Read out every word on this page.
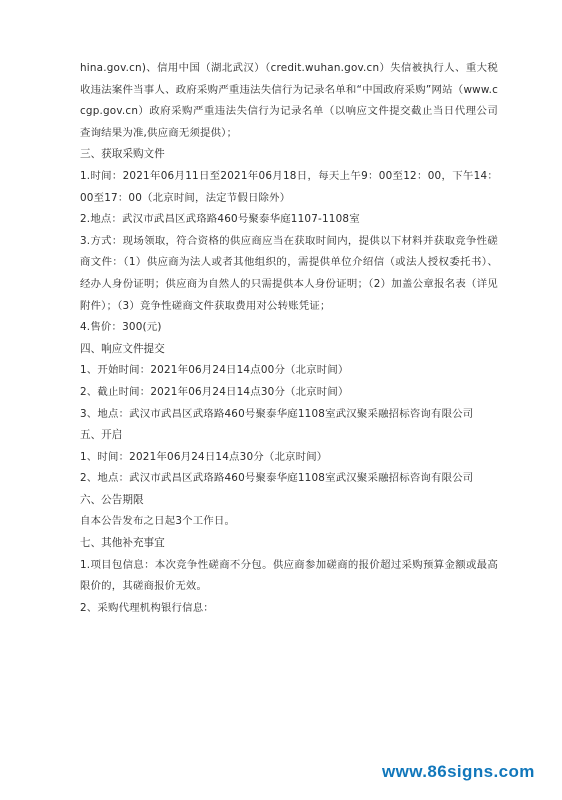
hina.gov.cn)、信用中国（湖北武汉）（credit.wuhan.gov.cn）失信被执行人、重大税收违法案件当事人、政府采购严重违法失信行为记录名单和“中国政府采购”网站（www.ccgp.gov.cn）政府采购严重违法失信行为记录名单（以响应文件提交截止当日代理公司查询结果为准,供应商无须提供）；

三、获取采购文件

1.时间：2021年06月11日至2021年06月18日，每天上午9：00至12：00，下午14：00至17：00（北京时间，法定节假日除外）

2.地点：武汉市武昌区武珞路460号聚泰华庭1107-1108室

3.方式：现场领取，符合资格的供应商应当在获取时间内，提供以下材料并获取竞争性磋商文件：（1）供应商为法人或者其他组织的，需提供单位介绍信（或法人授权委托书）、经办人身份证明；供应商为自然人的只需提供本人身份证明；（2）加盖公章报名表（详见附件）；（3）竞争性磋商文件获取费用对公转账凭证；

4.售价：300(元)

四、响应文件提交

1、开始时间：2021年06月24日14点00分（北京时间）

2、截止时间：2021年06月24日14点30分（北京时间）

3、地点：武汉市武昌区武珞路460号聚泰华庭1108室武汉聚采融招标咨询有限公司

五、开启

1、时间：2021年06月24日14点30分（北京时间）

2、地点：武汉市武昌区武珞路460号聚泰华庭1108室武汉聚采融招标咨询有限公司

六、公告期限

自本公告发布之日起3个工作日。

七、其他补充事宜

1.项目包信息：本次竞争性磋商不分包。供应商参加磋商的报价超过采购预算金额或最高限价的，其磋商报价无效。

2、采购代理机构银行信息：

www.86signs.com
